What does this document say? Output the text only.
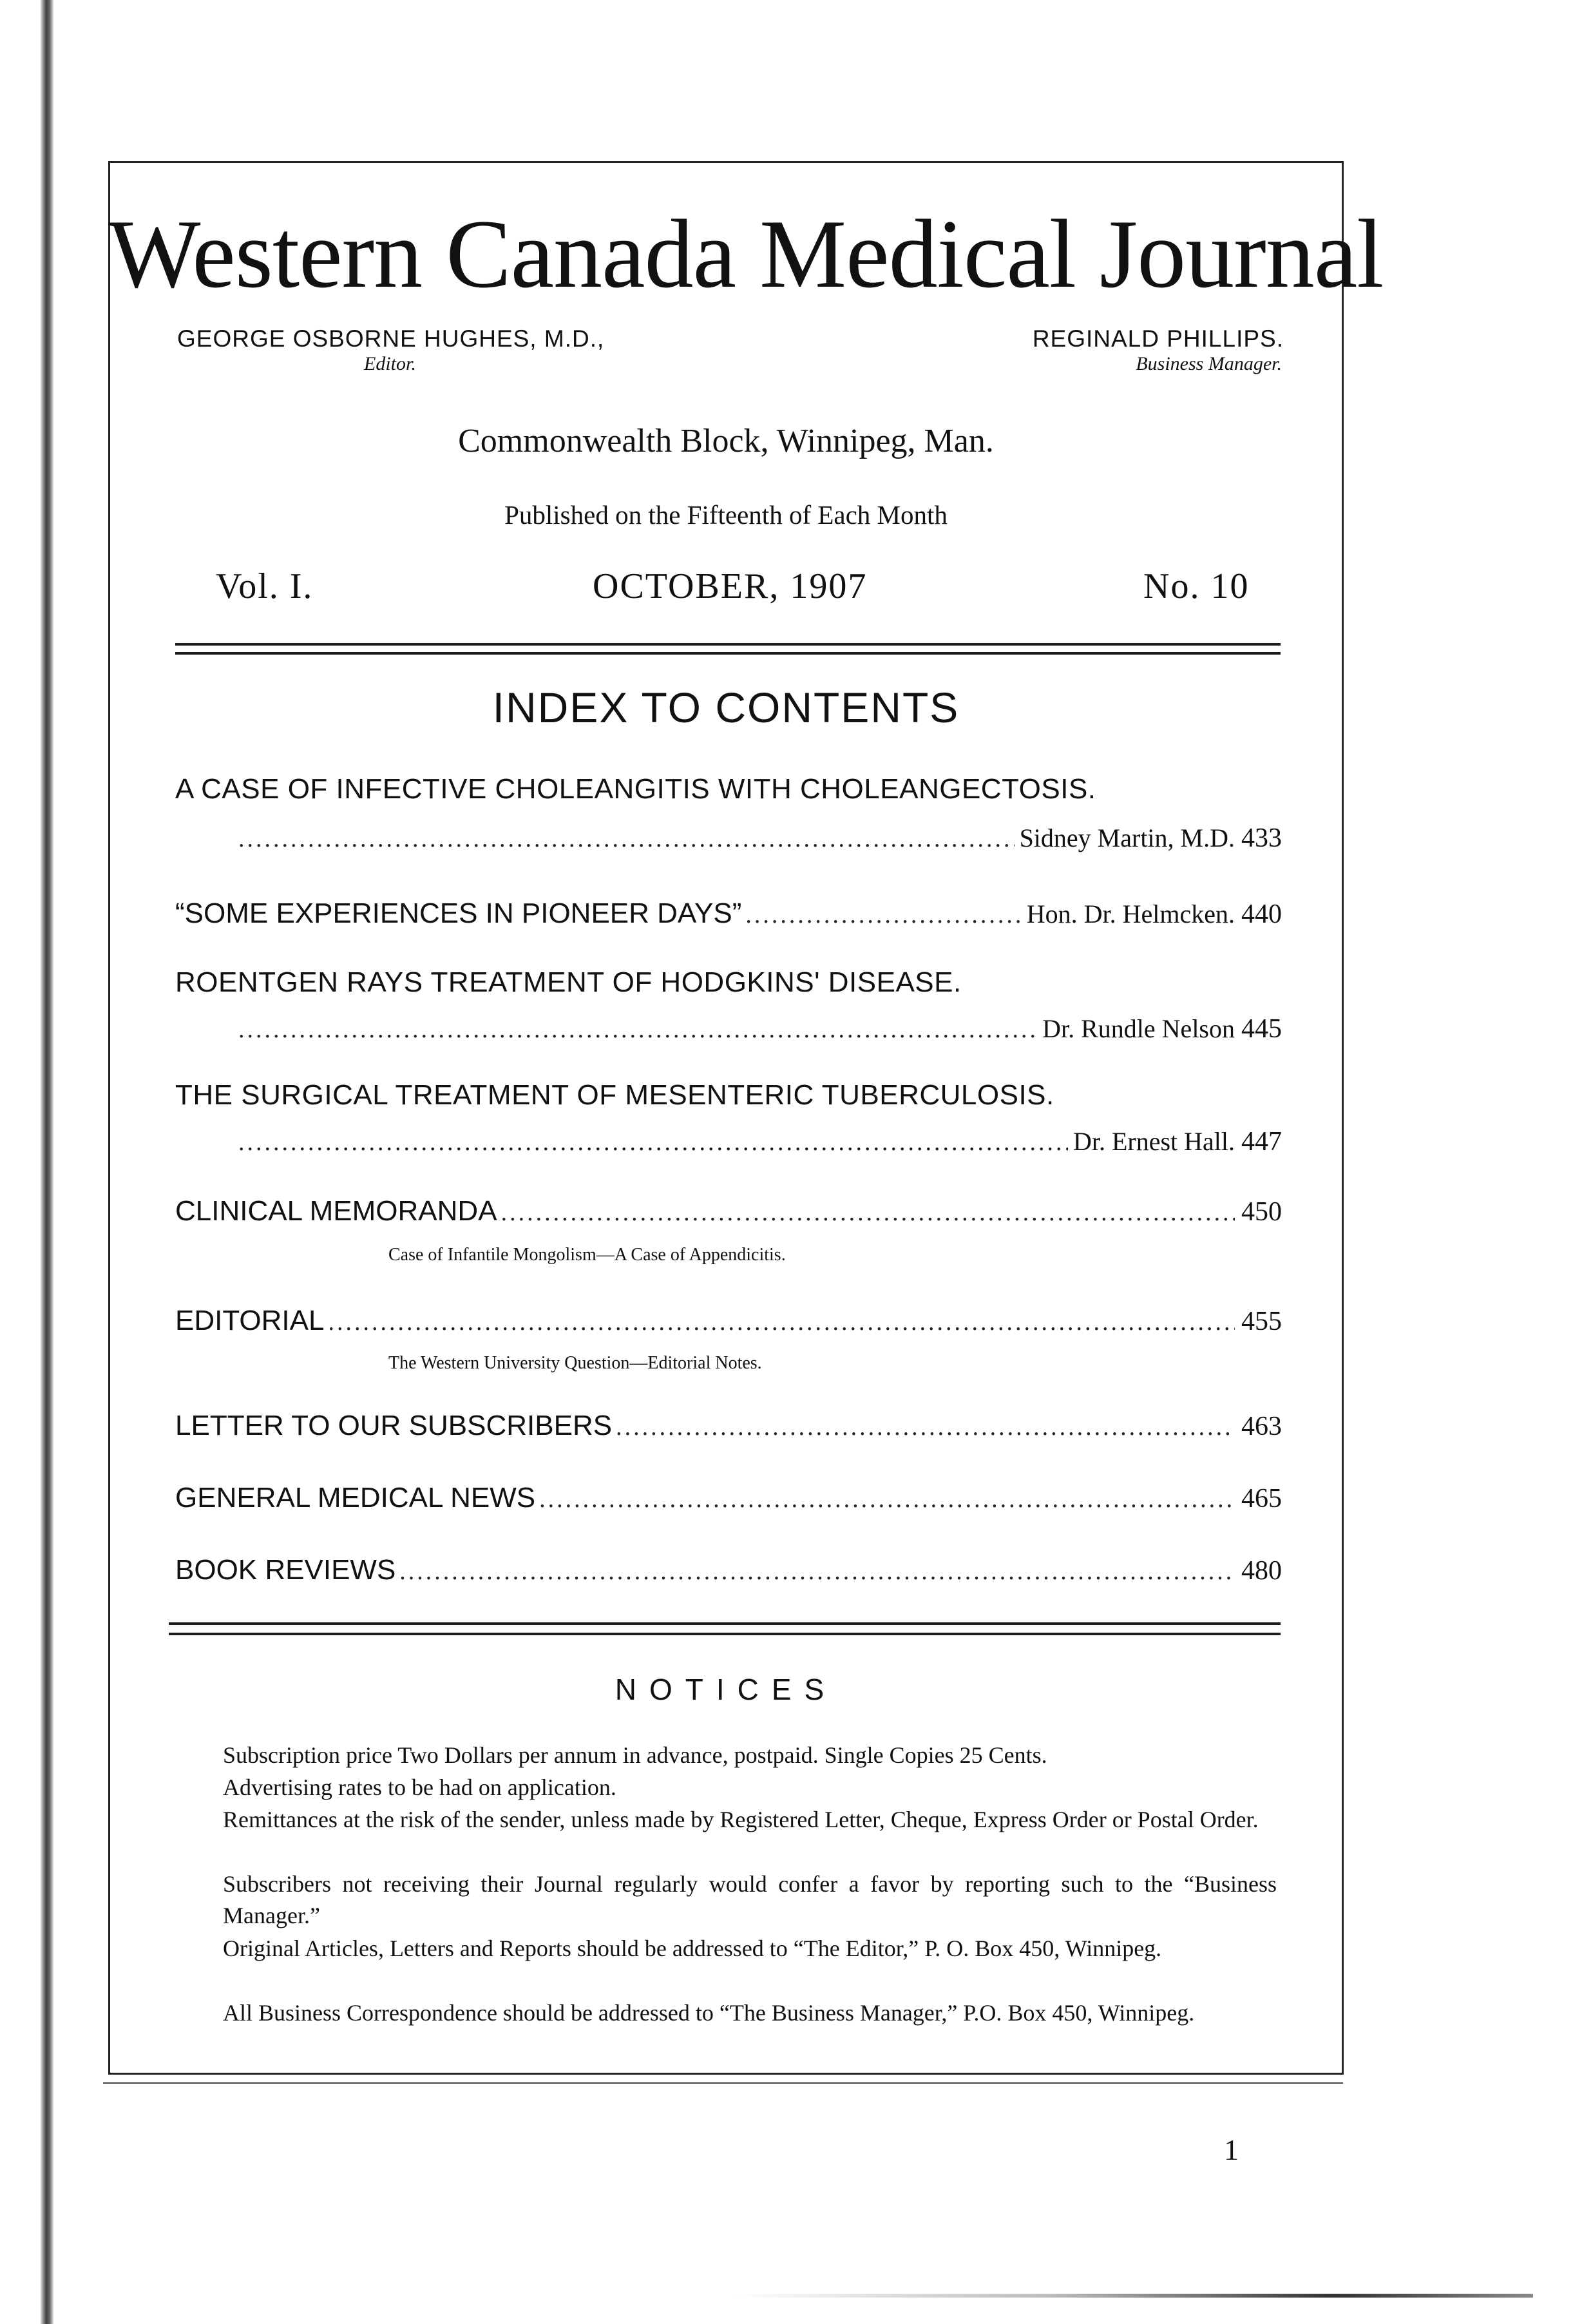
Western Canada Medical Journal
GEORGE OSBORNE HUGHES, M.D.,
Editor.
REGINALD PHILLIPS.
Business Manager.
Commonwealth Block, Winnipeg, Man.
Published on the Fifteenth of Each Month
Vol. I.	OCTOBER, 1907	No. 10
INDEX TO CONTENTS
A CASE OF INFECTIVE CHOLEANGITIS WITH CHOLEANGECTOSIS.
.....
Sidney Martin, M.D. 433
“SOME EXPERIENCES IN PIONEER DAYS” .....	Hon. Dr. Helmcken. 440
ROENTGEN RAYS TREATMENT OF HODGKINS' DISEASE.
.....
Dr. Rundle Nelson 445
THE SURGICAL TREATMENT OF MESENTERIC TUBERCULOSIS.
.....
Dr. Ernest Hall. 447
CLINICAL MEMORANDA .....	450
Case of Infantile Mongolism—A Case of Appendicitis.
EDITORIAL .....	455
The Western University Question—Editorial Notes.
LETTER TO OUR SUBSCRIBERS .....	463
GENERAL MEDICAL NEWS .....	465
BOOK REVIEWS .....	480
NOTICES
Subscription price Two Dollars per annum in advance, postpaid. Single Copies 25 Cents.
Advertising rates to be had on application.
Remittances at the risk of the sender, unless made by Registered Letter, Cheque, Express Order or Postal Order.
Subscribers not receiving their Journal regularly would confer a favor by reporting such to the “Business Manager.”
Original Articles, Letters and Reports should be addressed to “The Editor,” P. O. Box 450, Winnipeg.
All Business Correspondence should be addressed to “The Business Manager,” P.O. Box 450, Winnipeg.
1
